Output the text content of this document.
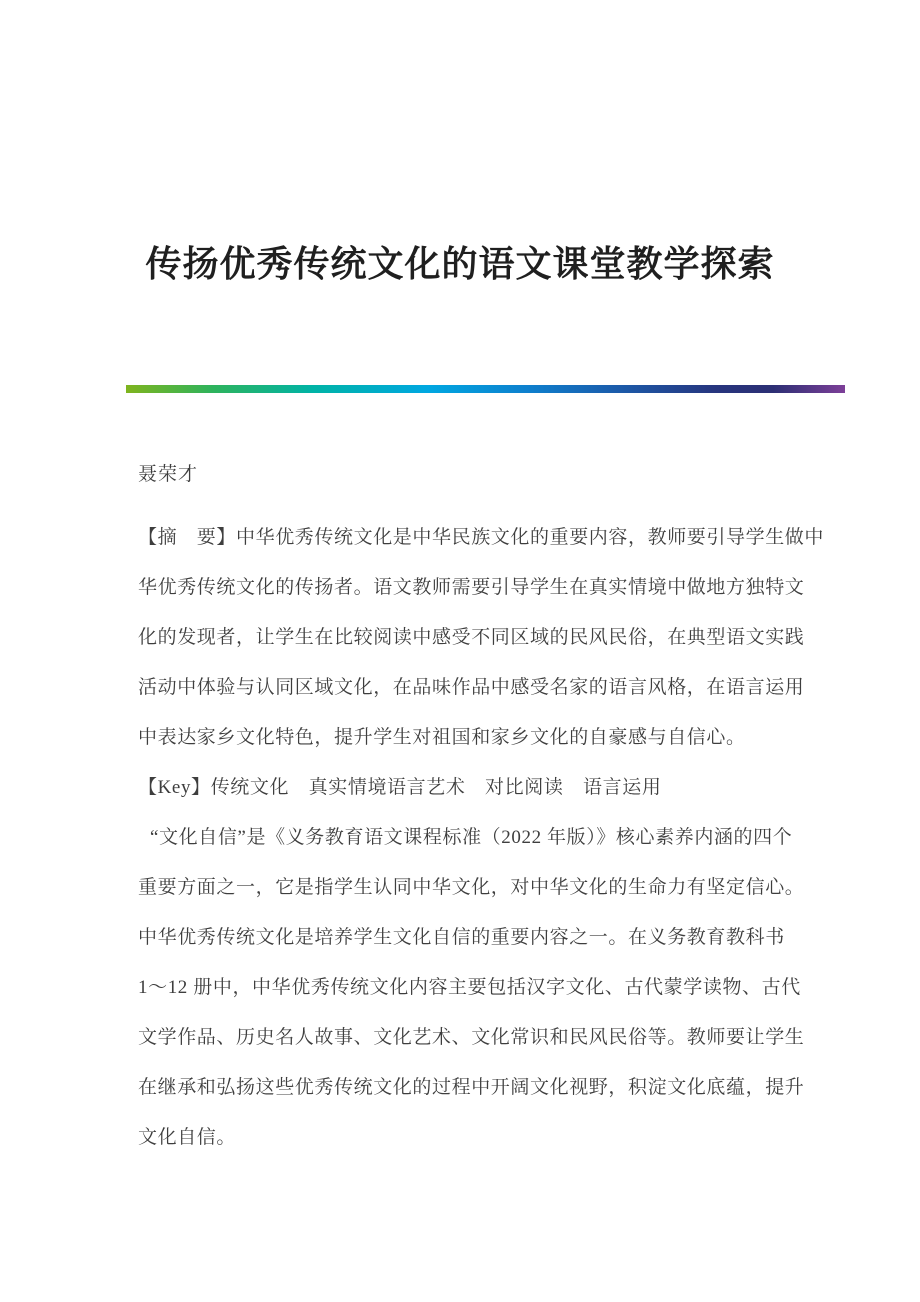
传扬优秀传统文化的语文课堂教学探索
聂荣才
【摘　要】中华优秀传统文化是中华民族文化的重要内容，教师要引导学生做中
华优秀传统文化的传扬者。语文教师需要引导学生在真实情境中做地方独特文
化的发现者，让学生在比较阅读中感受不同区域的民风民俗，在典型语文实践
活动中体验与认同区域文化，在品味作品中感受名家的语言风格，在语言运用
中表达家乡文化特色，提升学生对祖国和家乡文化的自豪感与自信心。
【Key】传统文化　真实情境语言艺术　对比阅读　语言运用
“文化自信”是《义务教育语文课程标准（2022 年版）》核心素养内涵的四个
重要方面之一，它是指学生认同中华文化，对中华文化的生命力有坚定信心。
中华优秀传统文化是培养学生文化自信的重要内容之一。在义务教育教科书
1～12 册中，中华优秀传统文化内容主要包括汉字文化、古代蒙学读物、古代
文学作品、历史名人故事、文化艺术、文化常识和民风民俗等。教师要让学生
在继承和弘扬这些优秀传统文化的过程中开阔文化视野，积淀文化底蕴，提升
文化自信。
